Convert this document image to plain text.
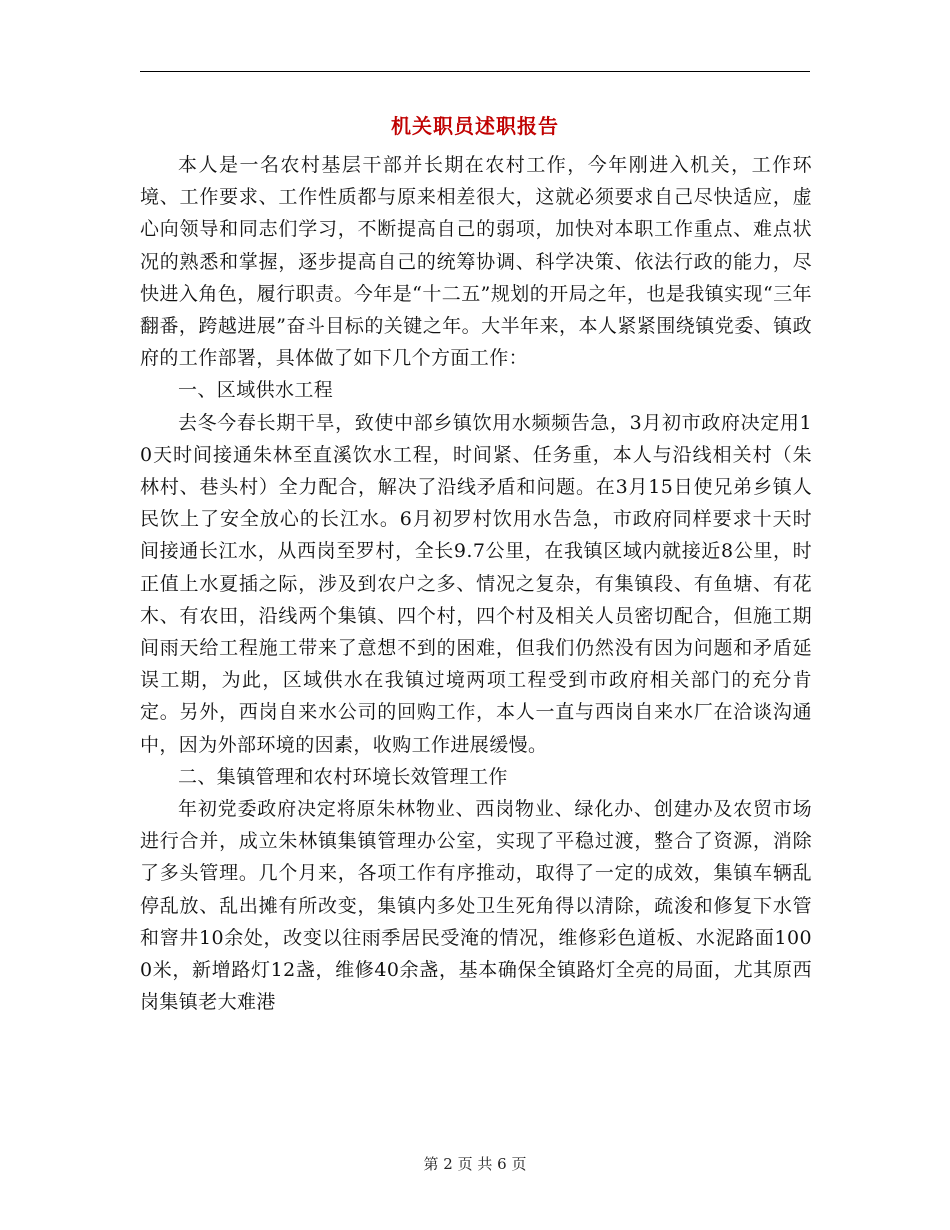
机关职员述职报告

本人是一名农村基层干部并长期在农村工作，今年刚进入机关，工作环境、工作要求、工作性质都与原来相差很大，这就必须要求自己尽快适应，虚心向领导和同志们学习，不断提高自己的弱项，加快对本职工作重点、难点状况的熟悉和掌握，逐步提高自己的统筹协调、科学决策、依法行政的能力，尽快进入角色，履行职责。今年是“十二五”规划的开局之年，也是我镇实现“三年翻番，跨越进展”奋斗目标的关键之年。大半年来，本人紧紧围绕镇党委、镇政府的工作部署，具体做了如下几个方面工作：

一、区域供水工程

去冬今春长期干旱，致使中部乡镇饮用水频频告急，3月初市政府决定用10天时间接通朱林至直溪饮水工程，时间紧、任务重，本人与沿线相关村（朱林村、巷头村）全力配合，解决了沿线矛盾和问题。在3月15日使兄弟乡镇人民饮上了安全放心的长江水。6月初罗村饮用水告急，市政府同样要求十天时间接通长江水，从西岗至罗村，全长9.7公里，在我镇区域内就接近8公里，时正值上水夏插之际，涉及到农户之多、情况之复杂，有集镇段、有鱼塘、有花木、有农田，沿线两个集镇、四个村，四个村及相关人员密切配合，但施工期间雨天给工程施工带来了意想不到的困难，但我们仍然没有因为问题和矛盾延误工期，为此，区域供水在我镇过境两项工程受到市政府相关部门的充分肯定。另外，西岗自来水公司的回购工作，本人一直与西岗自来水厂在洽谈沟通中，因为外部环境的因素，收购工作进展缓慢。

二、集镇管理和农村环境长效管理工作

年初党委政府决定将原朱林物业、西岗物业、绿化办、创建办及农贸市场进行合并，成立朱林镇集镇管理办公室，实现了平稳过渡，整合了资源，消除了多头管理。几个月来，各项工作有序推动，取得了一定的成效，集镇车辆乱停乱放、乱出摊有所改变，集镇内多处卫生死角得以清除，疏浚和修复下水管和窨井10余处，改变以往雨季居民受淹的情况，维修彩色道板、水泥路面1000米，新增路灯12盏，维修40余盏，基本确保全镇路灯全亮的局面，尤其原西岗集镇老大难港

第 2 页 共 6 页
